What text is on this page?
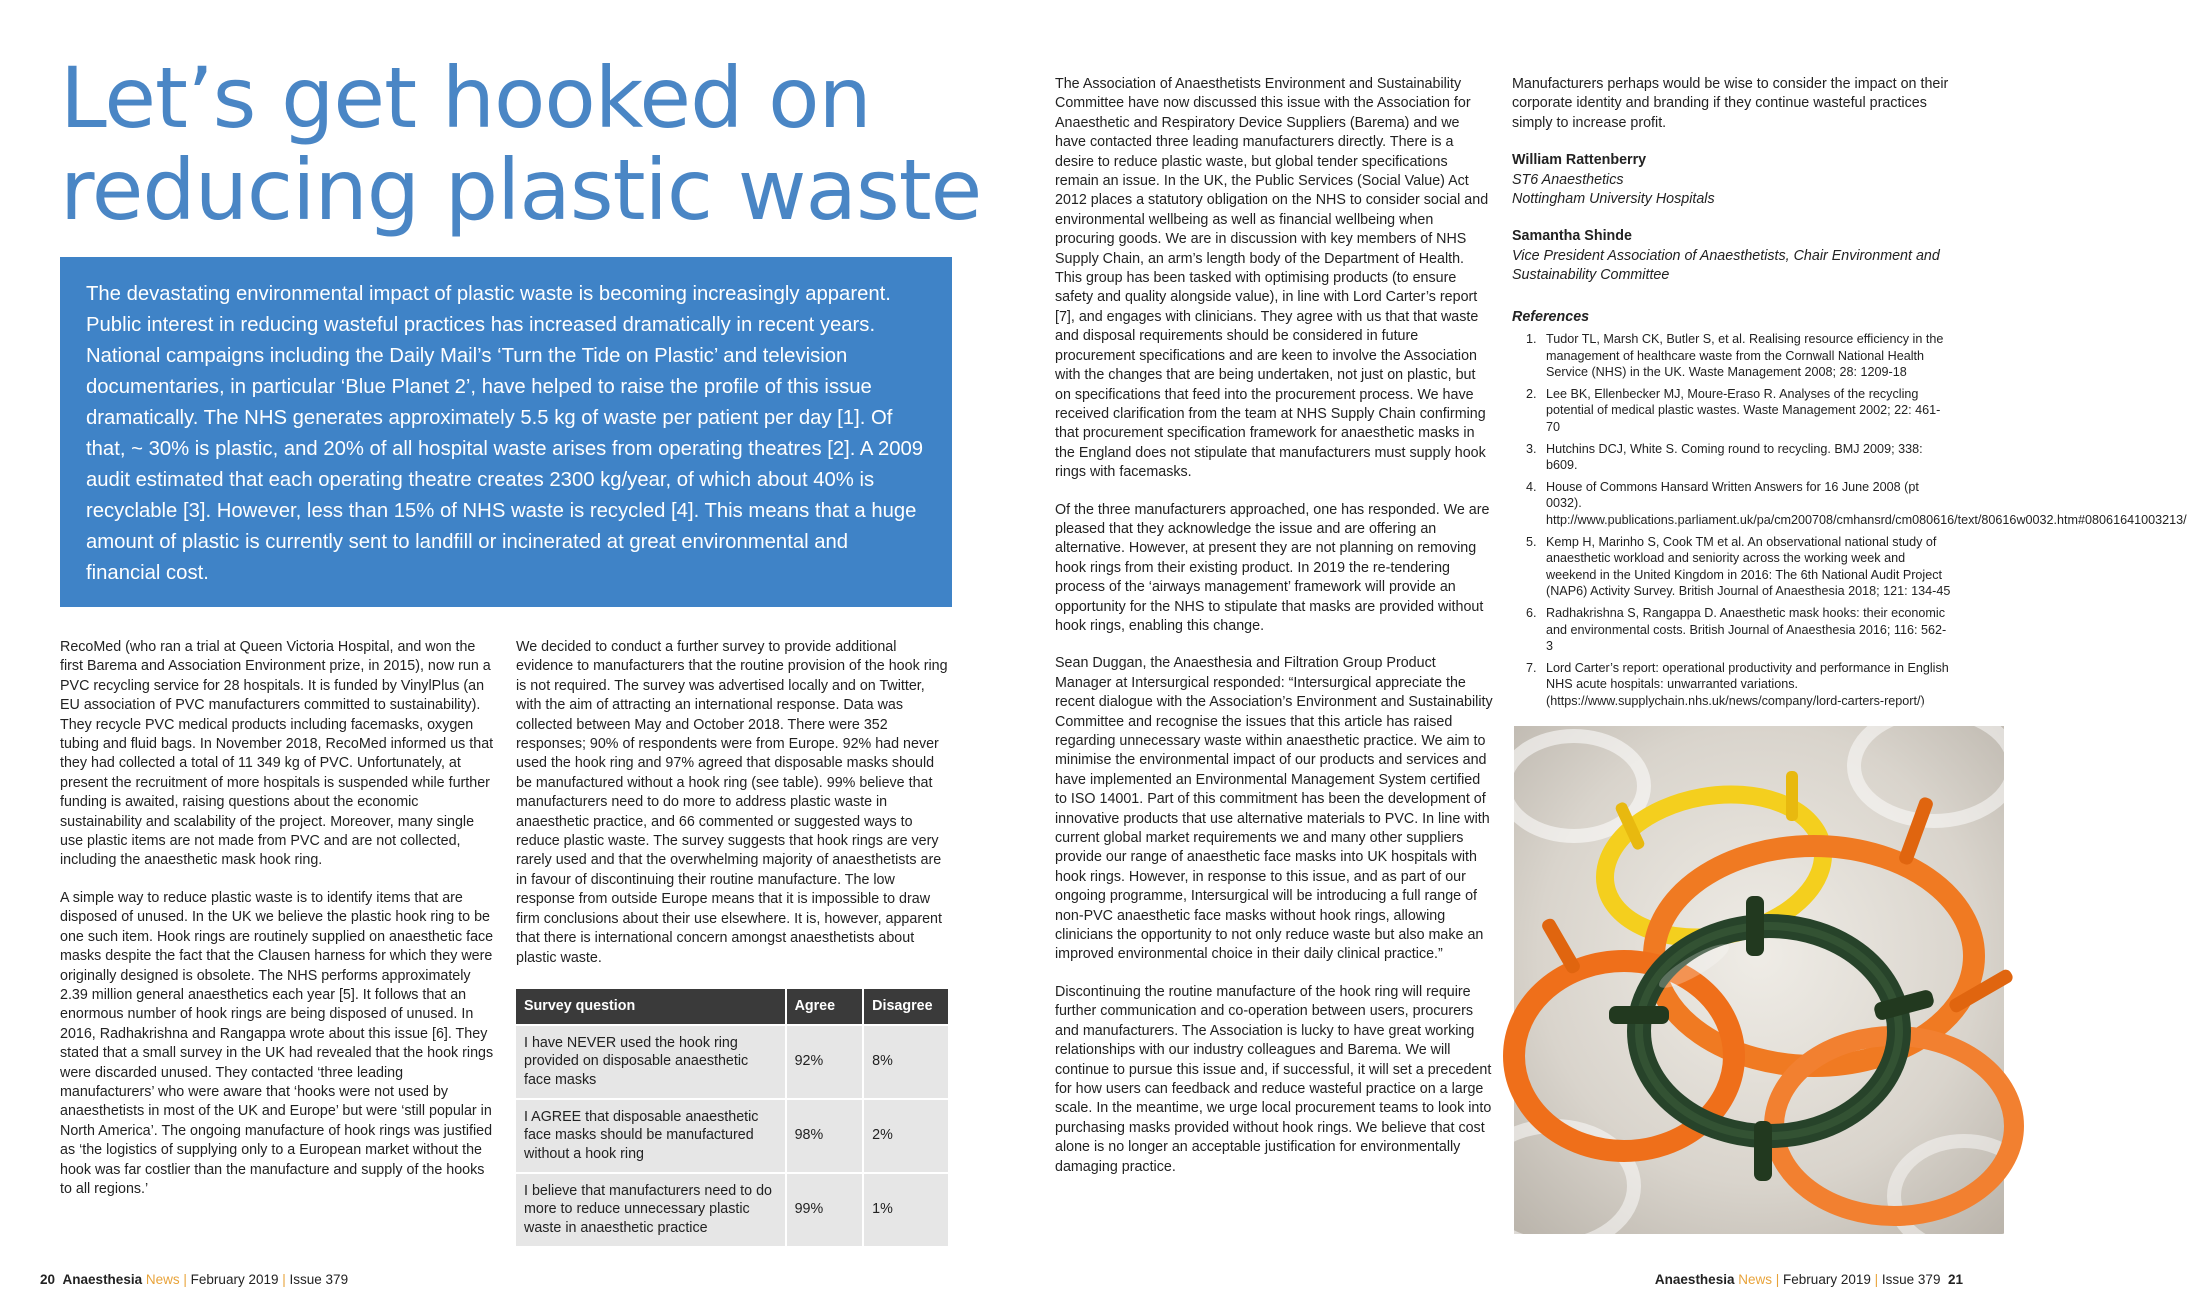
Let’s get hooked on reducing plastic waste
The devastating environmental impact of plastic waste is becoming increasingly apparent. Public interest in reducing wasteful practices has increased dramatically in recent years. National campaigns including the Daily Mail’s ‘Turn the Tide on Plastic’ and television documentaries, in particular ‘Blue Planet 2’, have helped to raise the profile of this issue dramatically. The NHS generates approximately 5.5 kg of waste per patient per day [1]. Of that, ~ 30% is plastic, and 20% of all hospital waste arises from operating theatres [2]. A 2009 audit estimated that each operating theatre creates 2300 kg/year, of which about 40% is recyclable [3]. However, less than 15% of NHS waste is recycled [4]. This means that a huge amount of plastic is currently sent to landfill or incinerated at great environmental and financial cost.

RecoMed (who ran a trial at Queen Victoria Hospital, and won the first Barema and Association Environment prize, in 2015), now run a PVC recycling service for 28 hospitals. It is funded by VinylPlus (an EU association of PVC manufacturers committed to sustainability). They recycle PVC medical products including facemasks, oxygen tubing and fluid bags. In November 2018, RecoMed informed us that they had collected a total of 11 349 kg of PVC. Unfortunately, at present the recruitment of more hospitals is suspended while further funding is awaited, raising questions about the economic sustainability and scalability of the project. Moreover, many single use plastic items are not made from PVC and are not collected, including the anaesthetic mask hook ring.

A simple way to reduce plastic waste is to identify items that are disposed of unused. In the UK we believe the plastic hook ring to be one such item. Hook rings are routinely supplied on anaesthetic face masks despite the fact that the Clausen harness for which they were originally designed is obsolete. The NHS performs approximately 2.39 million general anaesthetics each year [5]. It follows that an enormous number of hook rings are being disposed of unused. In 2016, Radhakrishna and Rangappa wrote about this issue [6]. They stated that a small survey in the UK had revealed that the hook rings were discarded unused. They contacted ‘three leading manufacturers’ who were aware that ‘hooks were not used by anaesthetists in most of the UK and Europe’ but were ‘still popular in North America’. The ongoing manufacture of hook rings was justified as ‘the logistics of supplying only to a European market without the hook was far costlier than the manufacture and supply of the hooks to all regions.’

We decided to conduct a further survey to provide additional evidence to manufacturers that the routine provision of the hook ring is not required. The survey was advertised locally and on Twitter, with the aim of attracting an international response. Data was collected between May and October 2018. There were 352 responses; 90% of respondents were from Europe. 92% had never used the hook ring and 97% agreed that disposable masks should be manufactured without a hook ring (see table). 99% believe that manufacturers need to do more to address plastic waste in anaesthetic practice, and 66 commented or suggested ways to reduce plastic waste. The survey suggests that hook rings are very rarely used and that the overwhelming majority of anaesthetists are in favour of discontinuing their routine manufacture. The low response from outside Europe means that it is impossible to draw firm conclusions about their use elsewhere. It is, however, apparent that there is international concern amongst anaesthetists about plastic waste.

Survey question	Agree	Disagree
I have NEVER used the hook ring provided on disposable anaesthetic face masks	92%	8%
I AGREE that disposable anaesthetic face masks should be manufactured without a hook ring	98%	2%
I believe that manufacturers need to do more to reduce unnecessary plastic waste in anaesthetic practice	99%	1%

The Association of Anaesthetists Environment and Sustainability Committee have now discussed this issue with the Association for Anaesthetic and Respiratory Device Suppliers (Barema) and we have contacted three leading manufacturers directly. There is a desire to reduce plastic waste, but global tender specifications remain an issue. In the UK, the Public Services (Social Value) Act 2012 places a statutory obligation on the NHS to consider social and environmental wellbeing as well as financial wellbeing when procuring goods. We are in discussion with key members of NHS Supply Chain, an arm’s length body of the Department of Health. This group has been tasked with optimising products (to ensure safety and quality alongside value), in line with Lord Carter’s report [7], and engages with clinicians. They agree with us that that waste and disposal requirements should be considered in future procurement specifications and are keen to involve the Association with the changes that are being undertaken, not just on plastic, but on specifications that feed into the procurement process. We have received clarification from the team at NHS Supply Chain confirming that procurement specification framework for anaesthetic masks in the England does not stipulate that manufacturers must supply hook rings with facemasks.

Of the three manufacturers approached, one has responded. We are pleased that they acknowledge the issue and are offering an alternative. However, at present they are not planning on removing hook rings from their existing product. In 2019 the re-tendering process of the ‘airways management’ framework will provide an opportunity for the NHS to stipulate that masks are provided without hook rings, enabling this change.

Sean Duggan, the Anaesthesia and Filtration Group Product Manager at Intersurgical responded: “Intersurgical appreciate the recent dialogue with the Association’s Environment and Sustainability Committee and recognise the issues that this article has raised regarding unnecessary waste within anaesthetic practice. We aim to minimise the environmental impact of our products and services and have implemented an Environmental Management System certified to ISO 14001. Part of this commitment has been the development of innovative products that use alternative materials to PVC. In line with current global market requirements we and many other suppliers provide our range of anaesthetic face masks into UK hospitals with hook rings. However, in response to this issue, and as part of our ongoing programme, Intersurgical will be introducing a full range of non-PVC anaesthetic face masks without hook rings, allowing clinicians the opportunity to not only reduce waste but also make an improved environmental choice in their daily clinical practice.”

Discontinuing the routine manufacture of the hook ring will require further communication and co-operation between users, procurers and manufacturers. The Association is lucky to have great working relationships with our industry colleagues and Barema. We will continue to pursue this issue and, if successful, it will set a precedent for how users can feedback and reduce wasteful practice on a large scale. In the meantime, we urge local procurement teams to look into purchasing masks provided without hook rings. We believe that cost alone is no longer an acceptable justification for environmentally damaging practice.

Manufacturers perhaps would be wise to consider the impact on their corporate identity and branding if they continue wasteful practices simply to increase profit.

William Rattenberry
ST6 Anaesthetics
Nottingham University Hospitals
Samantha Shinde
Vice President Association of Anaesthetists, Chair Environment and Sustainability Committee
References
1. Tudor TL, Marsh CK, Butler S, et al. Realising resource efficiency in the management of healthcare waste from the Cornwall National Health Service (NHS) in the UK. Waste Management 2008; 28: 1209-18
2. Lee BK, Ellenbecker MJ, Moure-Eraso R. Analyses of the recycling potential of medical plastic wastes. Waste Management 2002; 22: 461-70
3. Hutchins DCJ, White S. Coming round to recycling. BMJ 2009; 338: b609.
4. House of Commons Hansard Written Answers for 16 June 2008 (pt 0032). http://www.publications.parliament.uk/pa/cm200708/cmhansrd/cm080616/text/80616w0032.htm#08061641003213/
5. Kemp H, Marinho S, Cook TM et al. An observational national study of anaesthetic workload and seniority across the working week and weekend in the United Kingdom in 2016: The 6th National Audit Project (NAP6) Activity Survey. British Journal of Anaesthesia 2018; 121: 134-45
6. Radhakrishna S, Rangappa D. Anaesthetic mask hooks: their economic and environmental costs. British Journal of Anaesthesia 2016; 116: 562-3
7. Lord Carter’s report: operational productivity and performance in English NHS acute hospitals: unwarranted variations. (https://www.supplychain.nhs.uk/news/company/lord-carters-report/)
20 Anaesthesia News | February 2019 | Issue 379	Anaesthesia News | February 2019 | Issue 379 21
